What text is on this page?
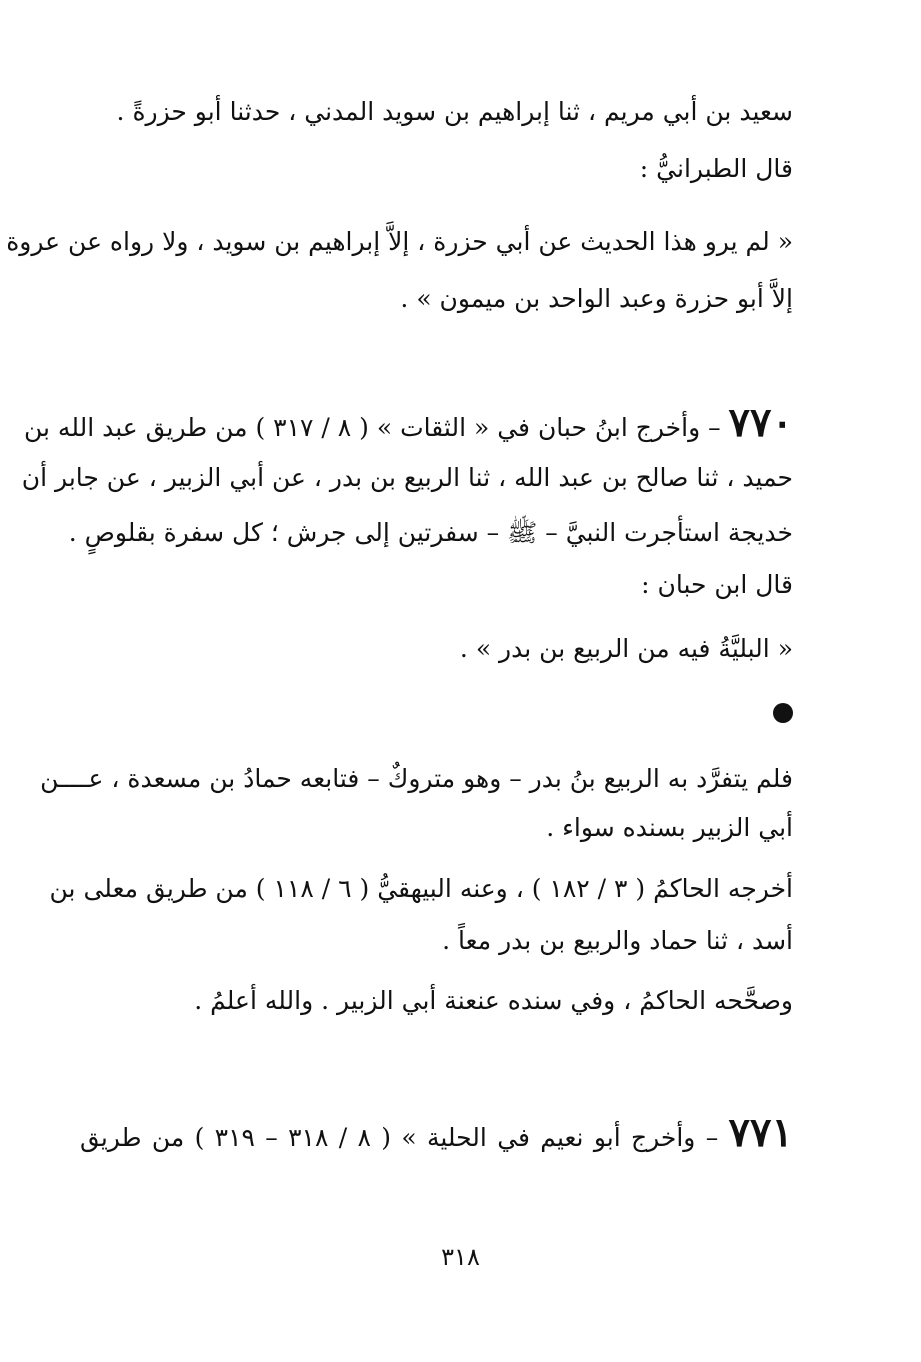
سعيد بن أبي مريم ، ثنا إبراهيم بن سويد المدني ، حدثنا أبو حزرةً .
قال الطبرانيُّ :
« لم يرو هذا الحديث عن أبي حزرة ، إلاَّ إبراهيم بن سويد ، ولا رواه عن عروة
إلاَّ أبو حزرة وعبد الواحد بن ميمون » .
٧٧٠ – وأخرج ابنُ حبان في « الثقات » ( ٨ / ٣١٧ ) من طريق عبد الله بن
حميد ، ثنا صالح بن عبد الله ، ثنا الربيع بن بدر ، عن أبي الزبير ، عن جابر أن
خديجة استأجرت النبيَّ – ﷺ – سفرتين إلى جرش ؛ كل سفرة بقلوصٍ .
قال ابن حبان :
« البليَّةُ فيه من الربيع بن بدر » .
فلم يتفرَّد به الربيع بنُ بدر – وهو متروكٌ – فتابعه حمادُ بن مسعدة ، عــــن
أبي الزبير بسنده سواء .
أخرجه الحاكمُ ( ٣ / ١٨٢ ) ، وعنه البيهقيُّ ( ٦ / ١١٨ ) من طريق معلى بن
أسد ، ثنا حماد والربيع بن بدر معاً .
وصحَّحه الحاكمُ ، وفي سنده عنعنة أبي الزبير . والله أعلمُ .
٧٧١ – وأخرج أبو نعيم في الحلية » ( ٨ / ٣١٨ – ٣١٩ ) من طريق
٣١٨
